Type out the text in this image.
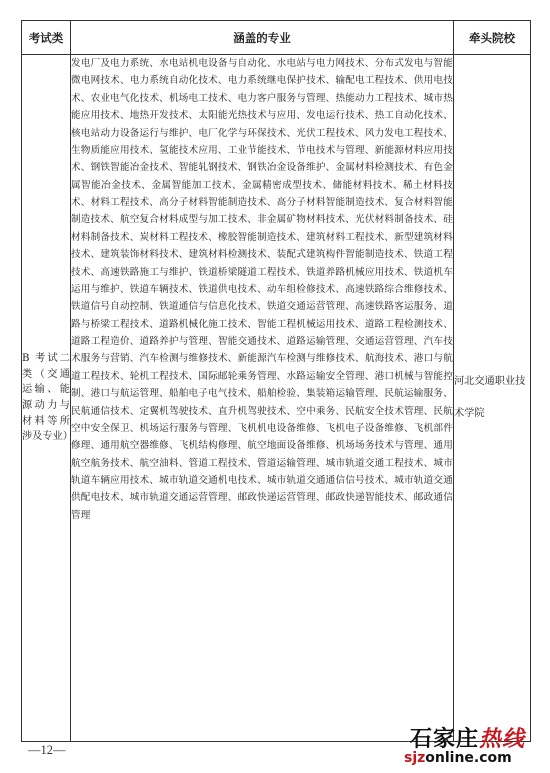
考试类	涵盖的专业	牵头院校
B 考试二类（交通运输、能源动力与材料等所涉及专业）	发电厂及电力系统、水电站机电设备与自动化、水电站与电力网技术、分布式发电与智能微电网技术、电力系统自动化技术、电力系统继电保护技术、输配电工程技术、供用电技术、农业电气化技术、机场电工技术、电力客户服务与管理、热能动力工程技术、城市热能应用技术、地热开发技术、太阳能光热技术与应用、发电运行技术、热工自动化技术、核电站动力设备运行与维护、电厂化学与环保技术、光伏工程技术、风力发电工程技术、生物质能应用技术、氢能技术应用、工业节能技术、节电技术与管理、新能源材料应用技术、钢铁智能冶金技术、智能轧钢技术、钢铁冶金设备维护、金属材料检测技术、有色金属智能冶金技术、金属智能加工技术、金属精密成型技术、储能材料技术、稀土材料技术、材料工程技术、高分子材料智能制造技术、高分子材料智能制造技术、复合材料智能制造技术、航空复合材料成型与加工技术、非金属矿物材料技术、光伏材料制备技术、硅材料制备技术、炭材料工程技术、橡胶智能制造技术、建筑材料工程技术、新型建筑材料技术、建筑装饰材料技术、建筑材料检测技术、装配式建筑构件智能制造技术、铁道工程技术、高速铁路施工与维护、铁道桥梁隧道工程技术、铁道养路机械应用技术、铁道机车运用与维护、铁道车辆技术、铁道供电技术、动车组检修技术、高速铁路综合维修技术、铁道信号自动控制、铁道通信与信息化技术、铁道交通运营管理、高速铁路客运服务、道路与桥梁工程技术、道路机械化施工技术、智能工程机械运用技术、道路工程检测技术、道路工程造价、道路养护与管理、智能交通技术、道路运输管理、交通运营管理、汽车技术服务与营销、汽车检测与维修技术、新能源汽车检测与维修技术、航海技术、港口与航道工程技术、轮机工程技术、国际邮轮乘务管理、水路运输安全管理、港口机械与智能控制、港口与航运管理、船舶电子电气技术、船舶检验、集装箱运输管理、民航运输服务、民航通信技术、定翼机驾驶技术、直升机驾驶技术、空中乘务、民航安全技术管理、民航空中安全保卫、机场运行服务与管理、飞机机电设备维修、飞机电子设备维修、飞机部件修理、通用航空器维修、飞机结构修理、航空地面设备维修、机场场务技术与管理、通用航空航务技术、航空油料、管道工程技术、管道运输管理、城市轨道交通工程技术、城市轨道车辆应用技术、城市轨道交通机电技术、城市轨道交通通信信号技术、城市轨道交通供配电技术、城市轨道交通运营管理、邮政快递运营管理、邮政快递智能技术、邮政通信管理	河北交通职业技术学院
—12—	石家庄热线
sjzonline.com
